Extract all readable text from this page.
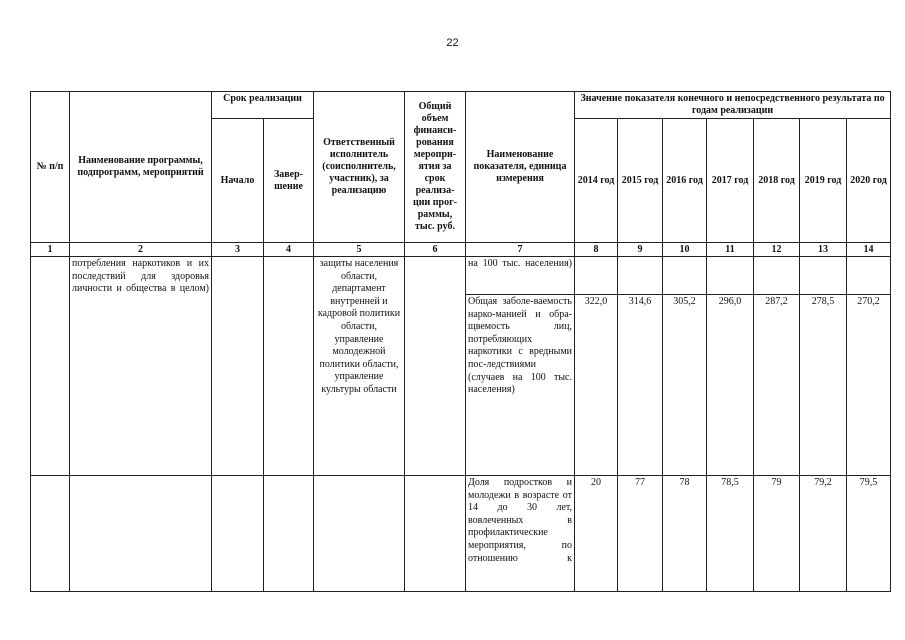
22
№ п/п	Наименование программы, подпрограмм, мероприятий	Срок реализации		Ответственный исполнитель (соисполнитель, участник), за реализацию	Общий объем финанси-рования меропри-ятия за срок реализа-ции прог-раммы, тыс. руб.	Наименование показателя, единица измерения	Значение показателя конечного и непосредственного результата по годам реализации						
		Начало	Завер-шение				2014 год	2015 год	2016 год	2017 год	2018 год	2019 год	2020 год
1	2	3	4	5	6	7	8	9	10	11	12	13	14
	потребления наркотиков и их последствий для здоровья личности и общества в целом)			защиты населения области, департамент внутренней и кадровой политики области, управление молодежной политики области, управление культуры области		на 100 тыс. населения)							
						Общая заболе-ваемость нарко-манией и обра-щвемость лиц, потребляющих наркотики с вредными пос-ледствиями (случаев на 100 тыс. населения)	322,0	314,6	305,2	296,0	287,2	278,5	270,2
						Доля подростков и молодежи в возрасте от 14 до 30 лет, вовлеченных в профилактические мероприятия, по отношению к	20	77	78	78,5	79	79,2	79,5
